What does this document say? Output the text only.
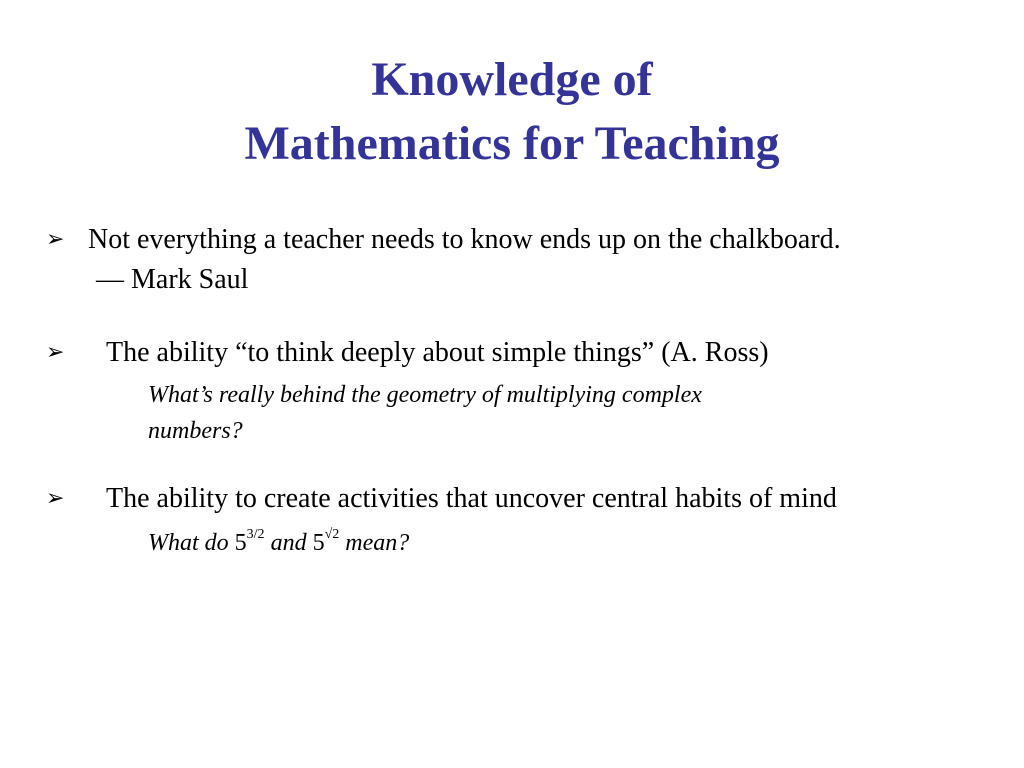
Knowledge of
Mathematics for Teaching
➢ Not everything a teacher needs to know ends up on the chalkboard.
— Mark Saul
➢ The ability “to think deeply about simple things” (A. Ross)
What’s really behind the geometry of multiplying complex
numbers?
➢ The ability to create activities that uncover central habits of mind
What do $5^{3/2}$ and $5^{√2}$ mean?
